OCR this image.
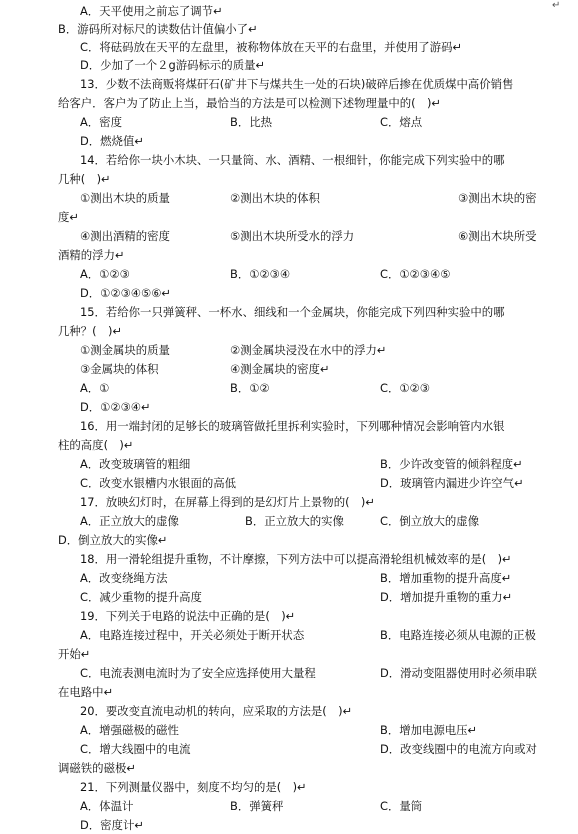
↵
A．天平使用之前忘了调节↵
B．游码所对标尺的读数估计值偏小了↵
C．将砝码放在天平的左盘里，被称物体放在天平的右盘里，并使用了游码↵
D．少加了一个２g游码标示的质量↵
13．少数不法商贩将煤矸石(矿井下与煤共生一处的石块)破碎后掺在优质煤中高价销售
给客户．客户为了防止上当，最恰当的方法是可以检测下述物理量中的(　)↵
A．密度	B．比热	C．熔点
D．燃烧值↵
14．若给你一块小木块、一只量筒、水、酒精、一根细针，你能完成下列实验中的哪
几种(　)↵
①测出木块的质量	②测出木块的体积	③测出木块的密
度↵
④测出酒精的密度	⑤测出木块所受水的浮力	⑥测出木块所受
酒精的浮力↵
A．①②③	B．①②③④	C．①②③④⑤
D．①②③④⑤⑥↵
15．若给你一只弹簧秤、一杯水、细线和一个金属块，你能完成下列四种实验中的哪
几种？(　)↵
①测金属块的质量	②测金属块浸没在水中的浮力↵
③金属块的体积	④测金属块的密度↵
A．①	B．①②	C．①②③
D．①②③④↵
16．用一端封闭的足够长的玻璃管做托里拆利实验时，下列哪种情况会影响管内水银
柱的高度(　)↵
A．改变玻璃管的粗细	B．少许改变管的倾斜程度↵
C．改变水银槽内水银面的高低	D．玻璃管内漏进少许空气↵
17．放映幻灯时，在屏幕上得到的是幻灯片上景物的(　)↵
A．正立放大的虚像	B．正立放大的实像	C．倒立放大的虚像
D．倒立放大的实像↵
18．用一滑轮组提升重物，不计摩擦，下列方法中可以提高滑轮组机械效率的是(　)↵
A．改变绕绳方法	B．增加重物的提升高度↵
C．减少重物的提升高度	D．增加提升重物的重力↵
19．下列关于电路的说法中正确的是(　)↵
A．电路连接过程中，开关必须处于断开状态	B．电路连接必须从电源的正极
开始↵
C．电流表测电流时为了安全应选择使用大量程	D．滑动变阻器使用时必须串联
在电路中↵
20．要改变直流电动机的转向，应采取的方法是(　)↵
A．增强磁极的磁性	B．增加电源电压↵
C．增大线圈中的电流	D．改变线圈中的电流方向或对
调磁铁的磁极↵
21．下列测量仪器中，刻度不均匀的是(　)↵
A．体温计	B．弹簧秤	C．量筒
D．密度计↵
